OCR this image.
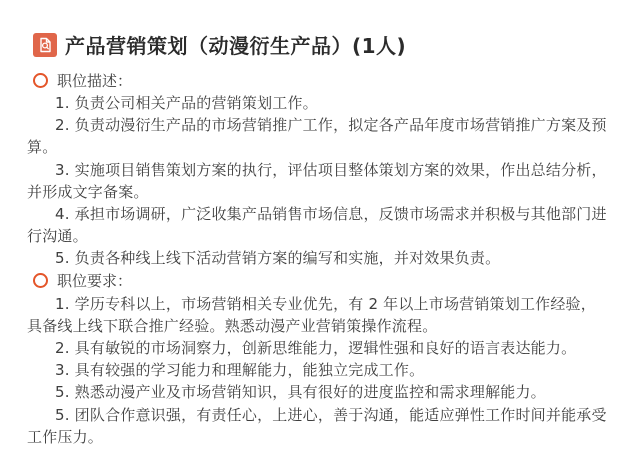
产品营销策划（动漫衍生产品）(1人)
职位描述：

1. 负责公司相关产品的营销策划工作。

2. 负责动漫衍生产品的市场营销推广工作，拟定各产品年度市场营销推广方案及预算。

3. 实施项目销售策划方案的执行，评估项目整体策划方案的效果，作出总结分析，并形成文字备案。

4. 承担市场调研，广泛收集产品销售市场信息，反馈市场需求并积极与其他部门进行沟通。

5. 负责各种线上线下活动营销方案的编写和实施，并对效果负责。

职位要求：

1. 学历专科以上，市场营销相关专业优先，有 2 年以上市场营销策划工作经验，具备线上线下联合推广经验。熟悉动漫产业营销策操作流程。

2. 具有敏锐的市场洞察力，创新思维能力，逻辑性强和良好的语言表达能力。

3. 具有较强的学习能力和理解能力，能独立完成工作。

5. 熟悉动漫产业及市场营销知识，具有很好的进度监控和需求理解能力。

5. 团队合作意识强，有责任心，上进心，善于沟通，能适应弹性工作时间并能承受工作压力。
